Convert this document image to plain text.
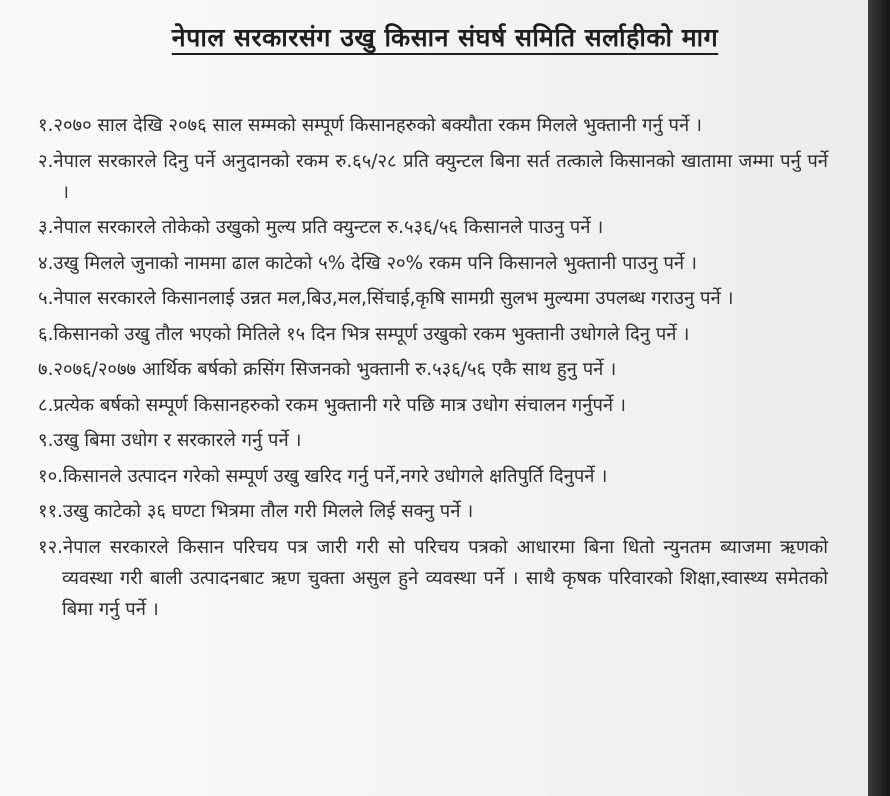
नेपाल सरकारसंग उखु किसान संघर्ष समिति सर्लाहीको माग
१.२०७० साल देखि २०७६ साल सम्मको सम्पूर्ण किसानहरुको बक्यौता रकम मिलले भुक्तानी गर्नु पर्ने ।
२.नेपाल सरकारले दिनु पर्ने अनुदानको रकम रु.६५/२८ प्रति क्युन्टल बिना सर्त तत्काले किसानको खातामा जम्मा पर्नु पर्ने ।
३.नेपाल सरकारले तोकेको उखुको मुल्य प्रति क्युन्टल रु.५३६/५६ किसानले पाउनु पर्ने ।
४.उखु मिलले जुनाको नाममा ढाल काटेको ५% देखि २०% रकम पनि किसानले भुक्तानी पाउनु पर्ने ।
५.नेपाल सरकारले किसानलाई उन्नत मल,बिउ,मल,सिंचाई,कृषि सामग्री सुलभ मुल्यमा उपलब्ध गराउनु पर्ने ।
६.किसानको उखु तौल भएको मितिले १५ दिन भित्र सम्पूर्ण उखुको रकम भुक्तानी उधोगले दिनु पर्ने ।
७.२०७६/२०७७ आर्थिक बर्षको क्रसिंग सिजनको भुक्तानी रु.५३६/५६ एकै साथ हुनु पर्ने ।
८.प्रत्येक बर्षको सम्पूर्ण किसानहरुको रकम भुक्तानी गरे पछि मात्र उधोग संचालन गर्नुपर्ने ।
९.उखु बिमा उधोग र सरकारले गर्नु पर्ने ।
१०.किसानले उत्पादन गरेको सम्पूर्ण उखु खरिद गर्नु पर्ने,नगरे उधोगले क्षतिपुर्ति दिनुपर्ने ।
११.उखु काटेको ३६ घण्टा भित्रमा तौल गरी मिलले लिई सक्नु पर्ने ।
१२.नेपाल सरकारले किसान परिचय पत्र जारी गरी सो परिचय पत्रको आधारमा बिना धितो न्युनतम ब्याजमा ऋणको व्यवस्था गरी बाली उत्पादनबाट ऋण चुक्ता असुल हुने व्यवस्था पर्ने । साथै कृषक परिवारको शिक्षा,स्वास्थ्य समेतको बिमा गर्नु पर्ने ।
